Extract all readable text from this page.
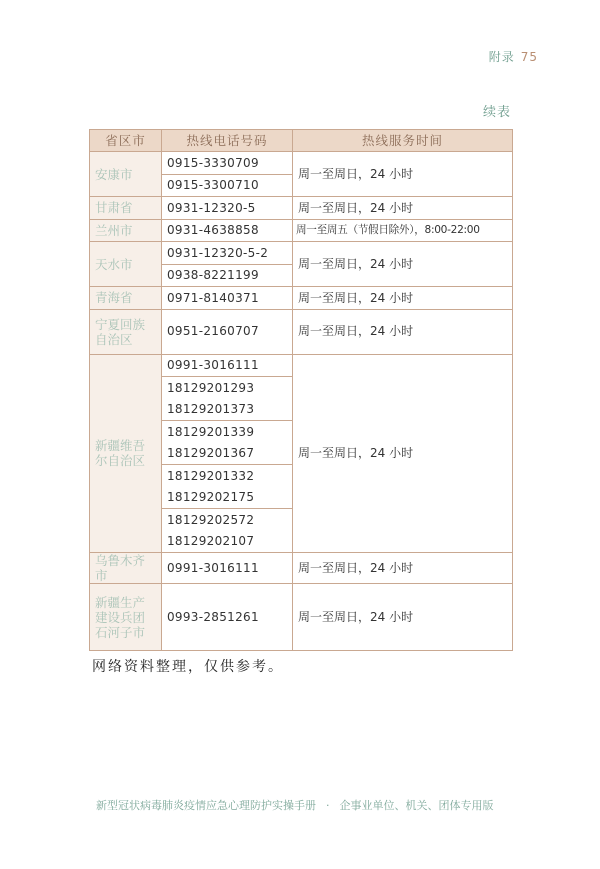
附录 75
续表
省区市	热线电话号码	热线服务时间
安康市	0915-3330709	周一至周日，24 小时
	0915-3300710	
甘肃省	0931-12320-5	周一至周日，24 小时
兰州市	0931-4638858	周一至周五（节假日除外），8:00-22:00
天水市	0931-12320-5-2	周一至周日，24 小时
	0938-8221199	
青海省	0971-8140371	周一至周日，24 小时
宁夏回族自治区	0951-2160707	周一至周日，24 小时
新疆维吾尔自治区	0991-3016111	周一至周日，24 小时
	18129201293	
	18129201373	
	18129201339	
	18129201367	
	18129201332	
	18129202175	
	18129202572	
	18129202107	
乌鲁木齐市	0991-3016111	周一至周日，24 小时
新疆生产建设兵团石河子市	0993-2851261	周一至周日，24 小时
网络资料整理，仅供参考。
新型冠状病毒肺炎疫情应急心理防护实操手册 · 企事业单位、机关、团体专用版
